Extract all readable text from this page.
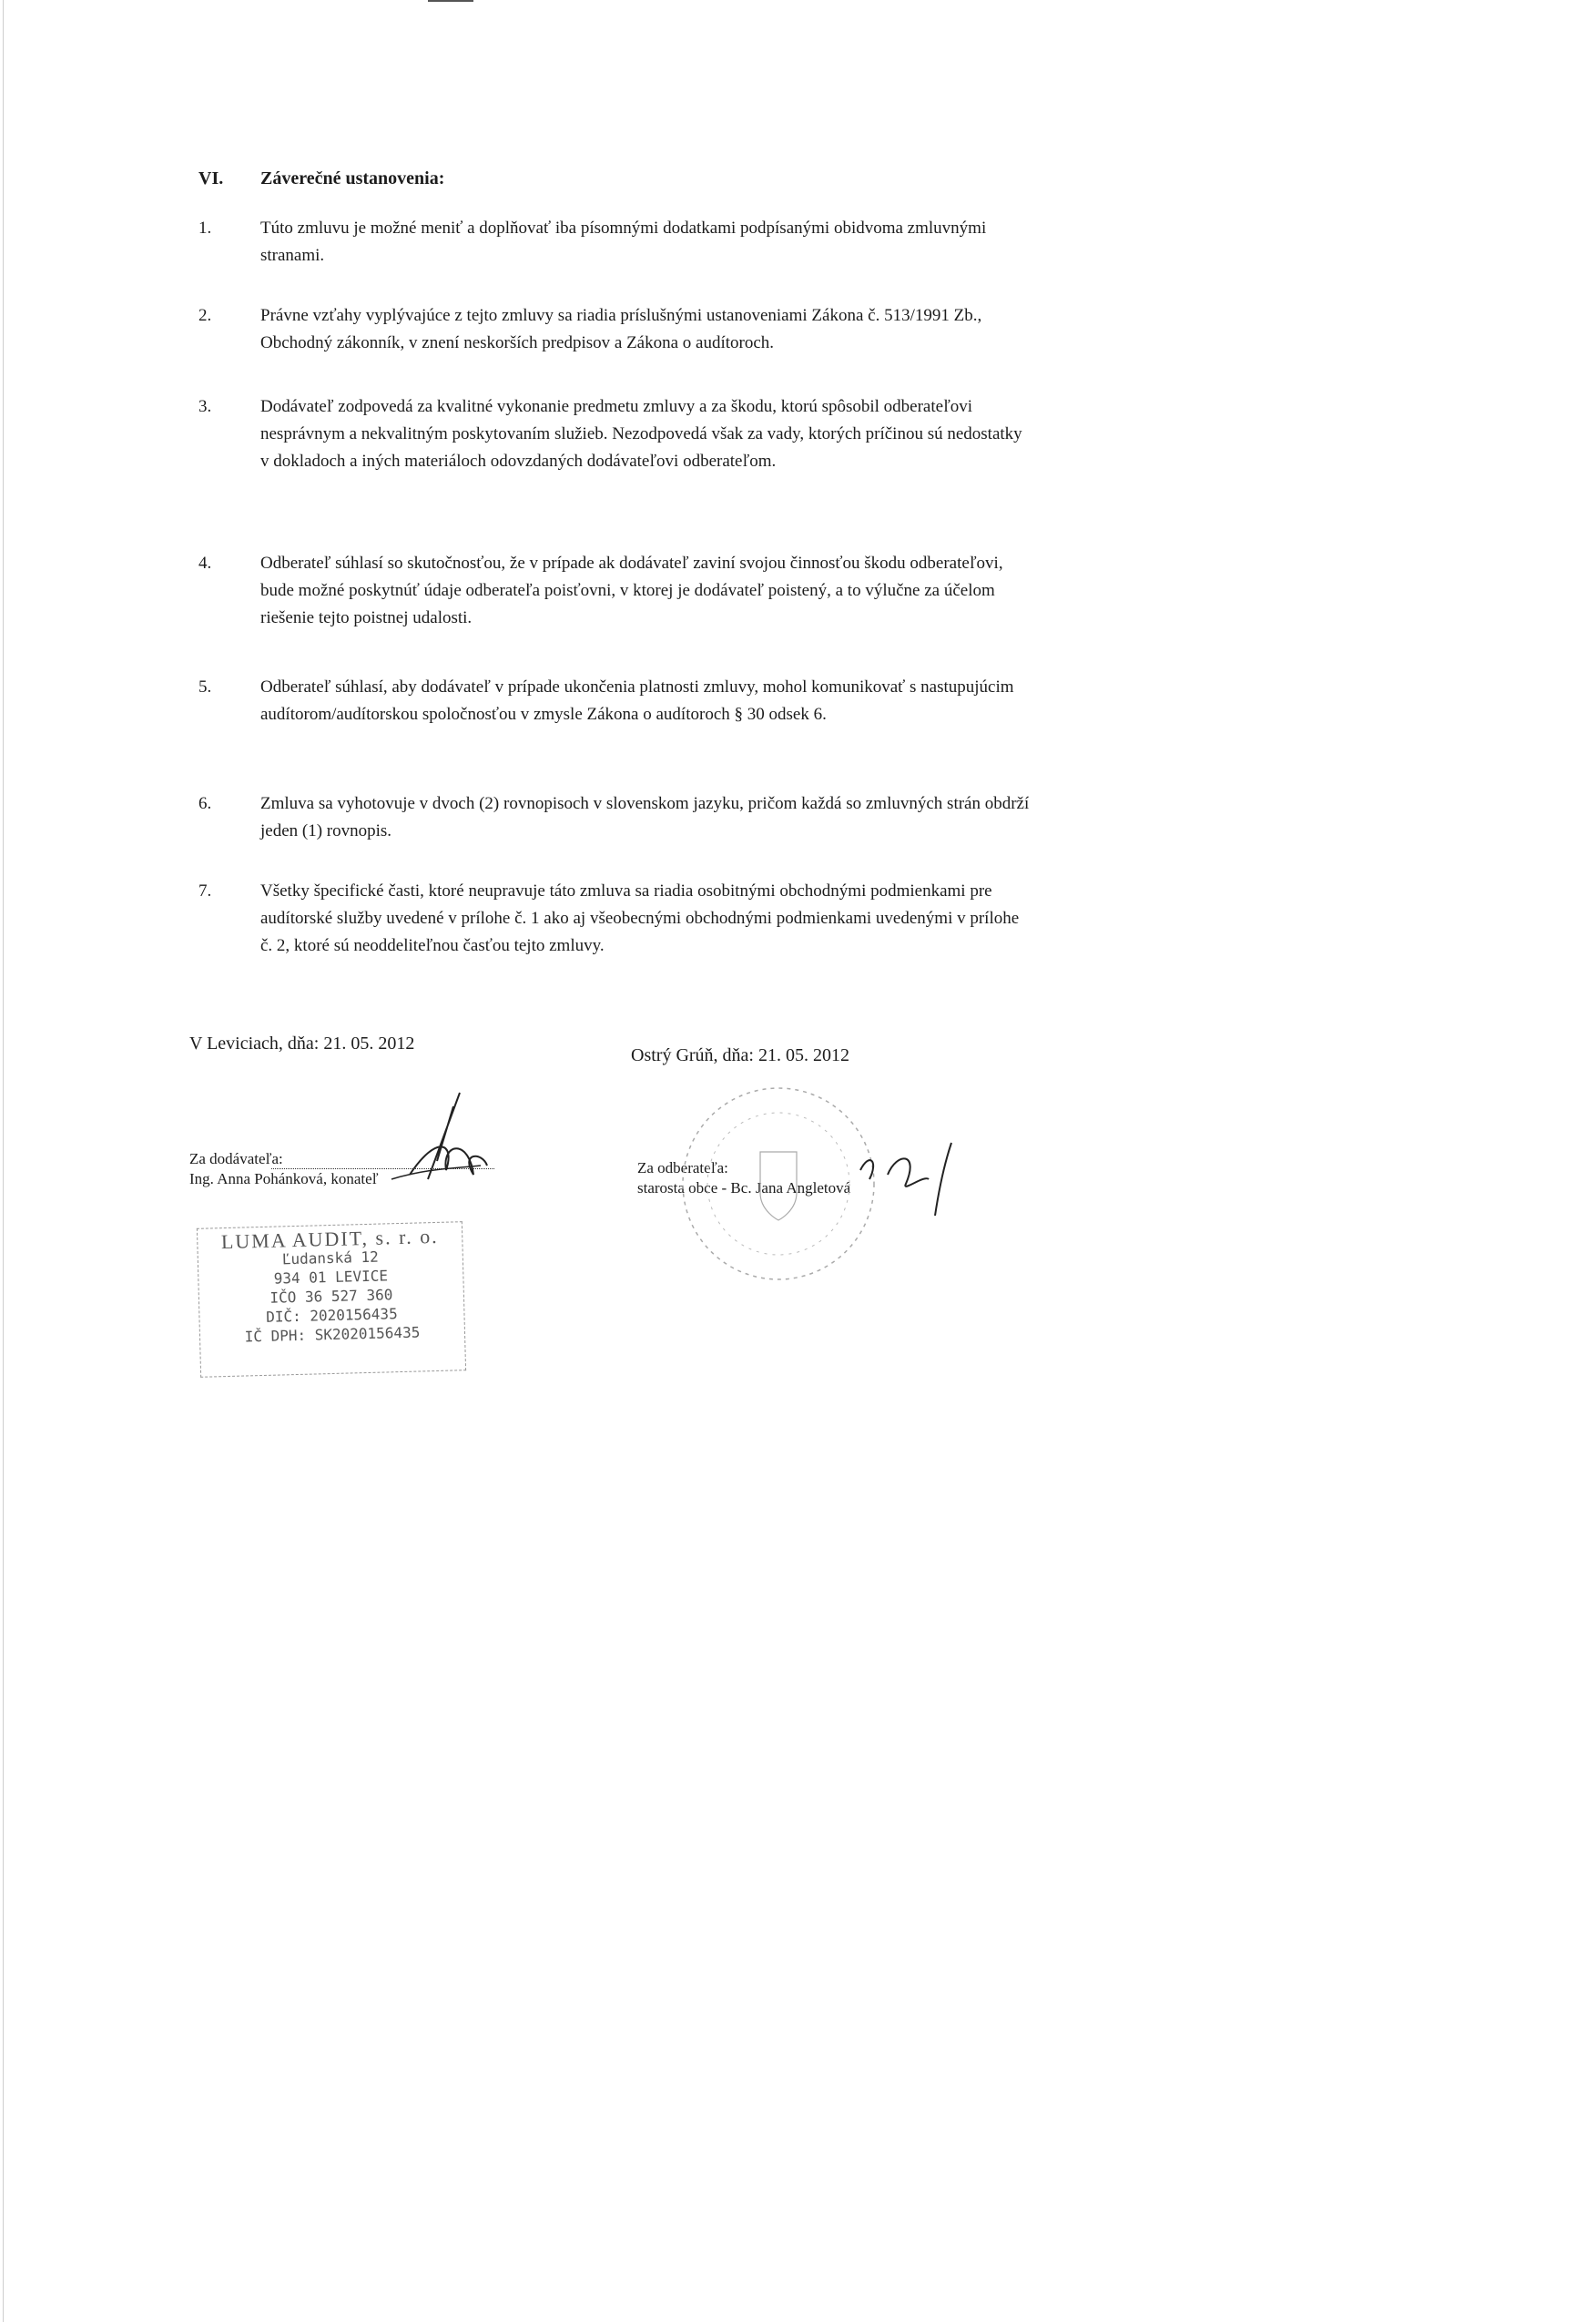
VI. Záverečné ustanovenia:
1.	Túto zmluvu je možné meniť a doplňovať iba písomnými dodatkami podpísanými obidvoma zmluvnými stranami.
2.	Právne vzťahy vyplývajúce z tejto zmluvy sa riadia príslušnými ustanoveniami Zákona č. 513/1991 Zb., Obchodný zákonník, v znení neskorších predpisov a Zákona o audítoroch.
3.	Dodávateľ zodpovedá za kvalitné vykonanie predmetu zmluvy a za škodu, ktorú spôsobil odberateľovi nesprávnym a nekvalitným poskytovaním služieb. Nezodpovedá však za vady, ktorých príčinou sú nedostatky v dokladoch a iných materiáloch odovzdaných dodávateľovi odberateľom.
4.	Odberateľ súhlasí so skutočnosťou, že v prípade ak dodávateľ zaviní svojou činnosťou škodu odberateľovi, bude možné poskytnúť údaje odberateľa poisťovni, v ktorej je dodávateľ poistený, a to výlučne za účelom riešenie tejto poistnej udalosti.
5.	Odberateľ súhlasí, aby dodávateľ v prípade ukončenia platnosti zmluvy, mohol komunikovať s nastupujúcim audítorom/audítorskou spoločnosťou v zmysle Zákona o audítoroch § 30 odsek 6.
6.	Zmluva sa vyhotovuje v dvoch (2) rovnopisoch v slovenskom jazyku, pričom každá so zmluvných strán obdrží jeden (1) rovnopis.
7.	Všetky špecifické časti, ktoré neupravuje táto zmluva sa riadia osobitnými obchodnými podmienkami pre audítorské služby uvedené v prílohe č. 1 ako aj všeobecnými obchodnými podmienkami uvedenými v prílohe č. 2, ktoré sú neoddeliteľnou časťou tejto zmluvy.
V Leviciach, dňa: 21. 05. 2012
Ostrý Grúň, dňa: 21. 05. 2012
Za dodávateľa:
Ing. Anna Pohánková, konateľ
Za odberateľa:
starosta obce - Bc. Jana Angletová
LUMA AUDIT, s. r. o.
Ľudanská 12
934 01 LEVICE
IČO 36 527 360
DIČ: 2020156435
IČ DPH: SK2020156435
